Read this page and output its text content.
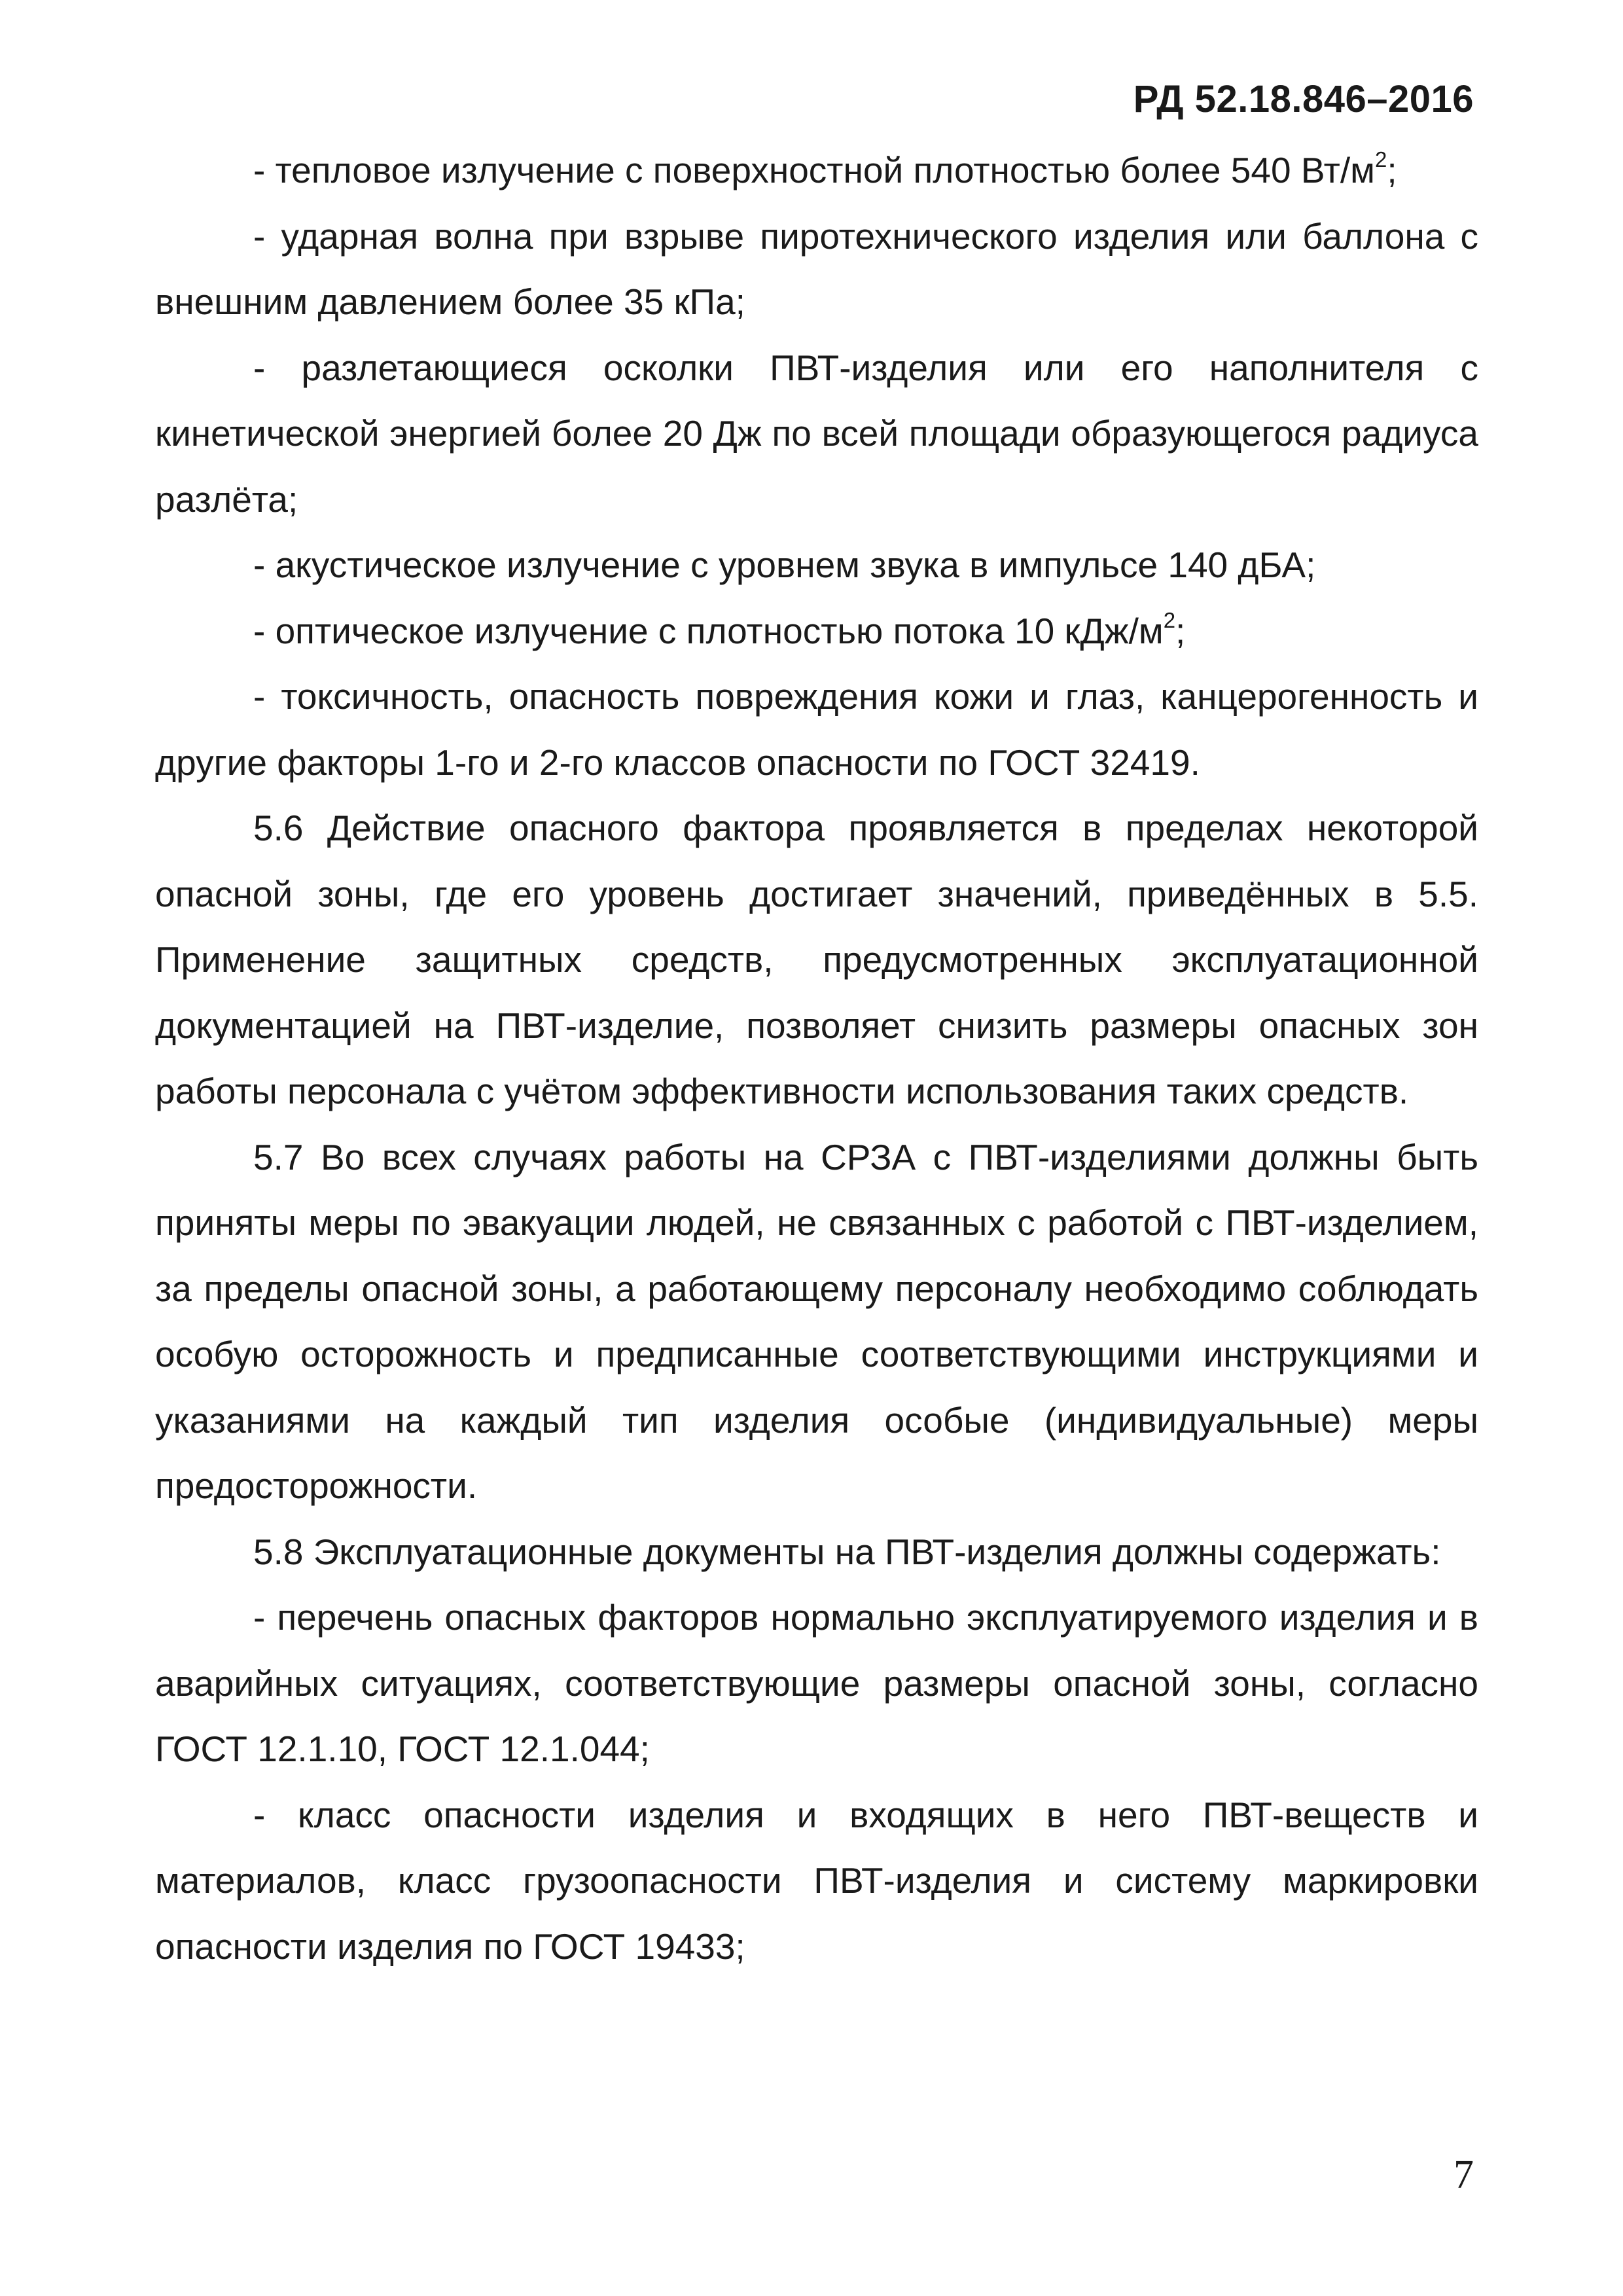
РД 52.18.846–2016

- тепловое излучение с поверхностной плотностью более 540 $Вт/м^2$;

- ударная волна при взрыве пиротехнического изделия или баллона с внешним давлением более 35 кПа;

- разлетающиеся осколки ПВТ-изделия или его наполнителя с кинетической энергией более 20 Дж по всей площади образующегося радиуса разлёта;

- акустическое излучение с уровнем звука в импульсе 140 дБА;

- оптическое излучение с плотностью потока 10 кДж/$м^2$;

- токсичность, опасность повреждения кожи и глаз, канцерогенность и другие факторы 1-го и 2-го классов опасности по ГОСТ 32419.

5.6 Действие опасного фактора проявляется в пределах некоторой опасной зоны, где его уровень достигает значений, приведённых в 5.5. Применение защитных средств, предусмотренных эксплуатационной документацией на ПВТ-изделие, позволяет снизить размеры опасных зон работы персонала с учётом эффективности использования таких средств.

5.7 Во всех случаях работы на СРЗА с ПВТ-изделиями должны быть приняты меры по эвакуации людей, не связанных с работой с ПВТ-изделием, за пределы опасной зоны, а работающему персоналу необходимо соблюдать особую осторожность и предписанные соответствующими инструкциями и указаниями на каждый тип изделия особые (индивидуальные) меры предосторожности.

5.8 Эксплуатационные документы на ПВТ-изделия должны содержать:

- перечень опасных факторов нормально эксплуатируемого изделия и в аварийных ситуациях, соответствующие размеры опасной зоны, согласно ГОСТ 12.1.10, ГОСТ 12.1.044;

- класс опасности изделия и входящих в него ПВТ-веществ и материалов, класс грузоопасности ПВТ-изделия и систему маркировки опасности изделия по ГОСТ 19433;

7
